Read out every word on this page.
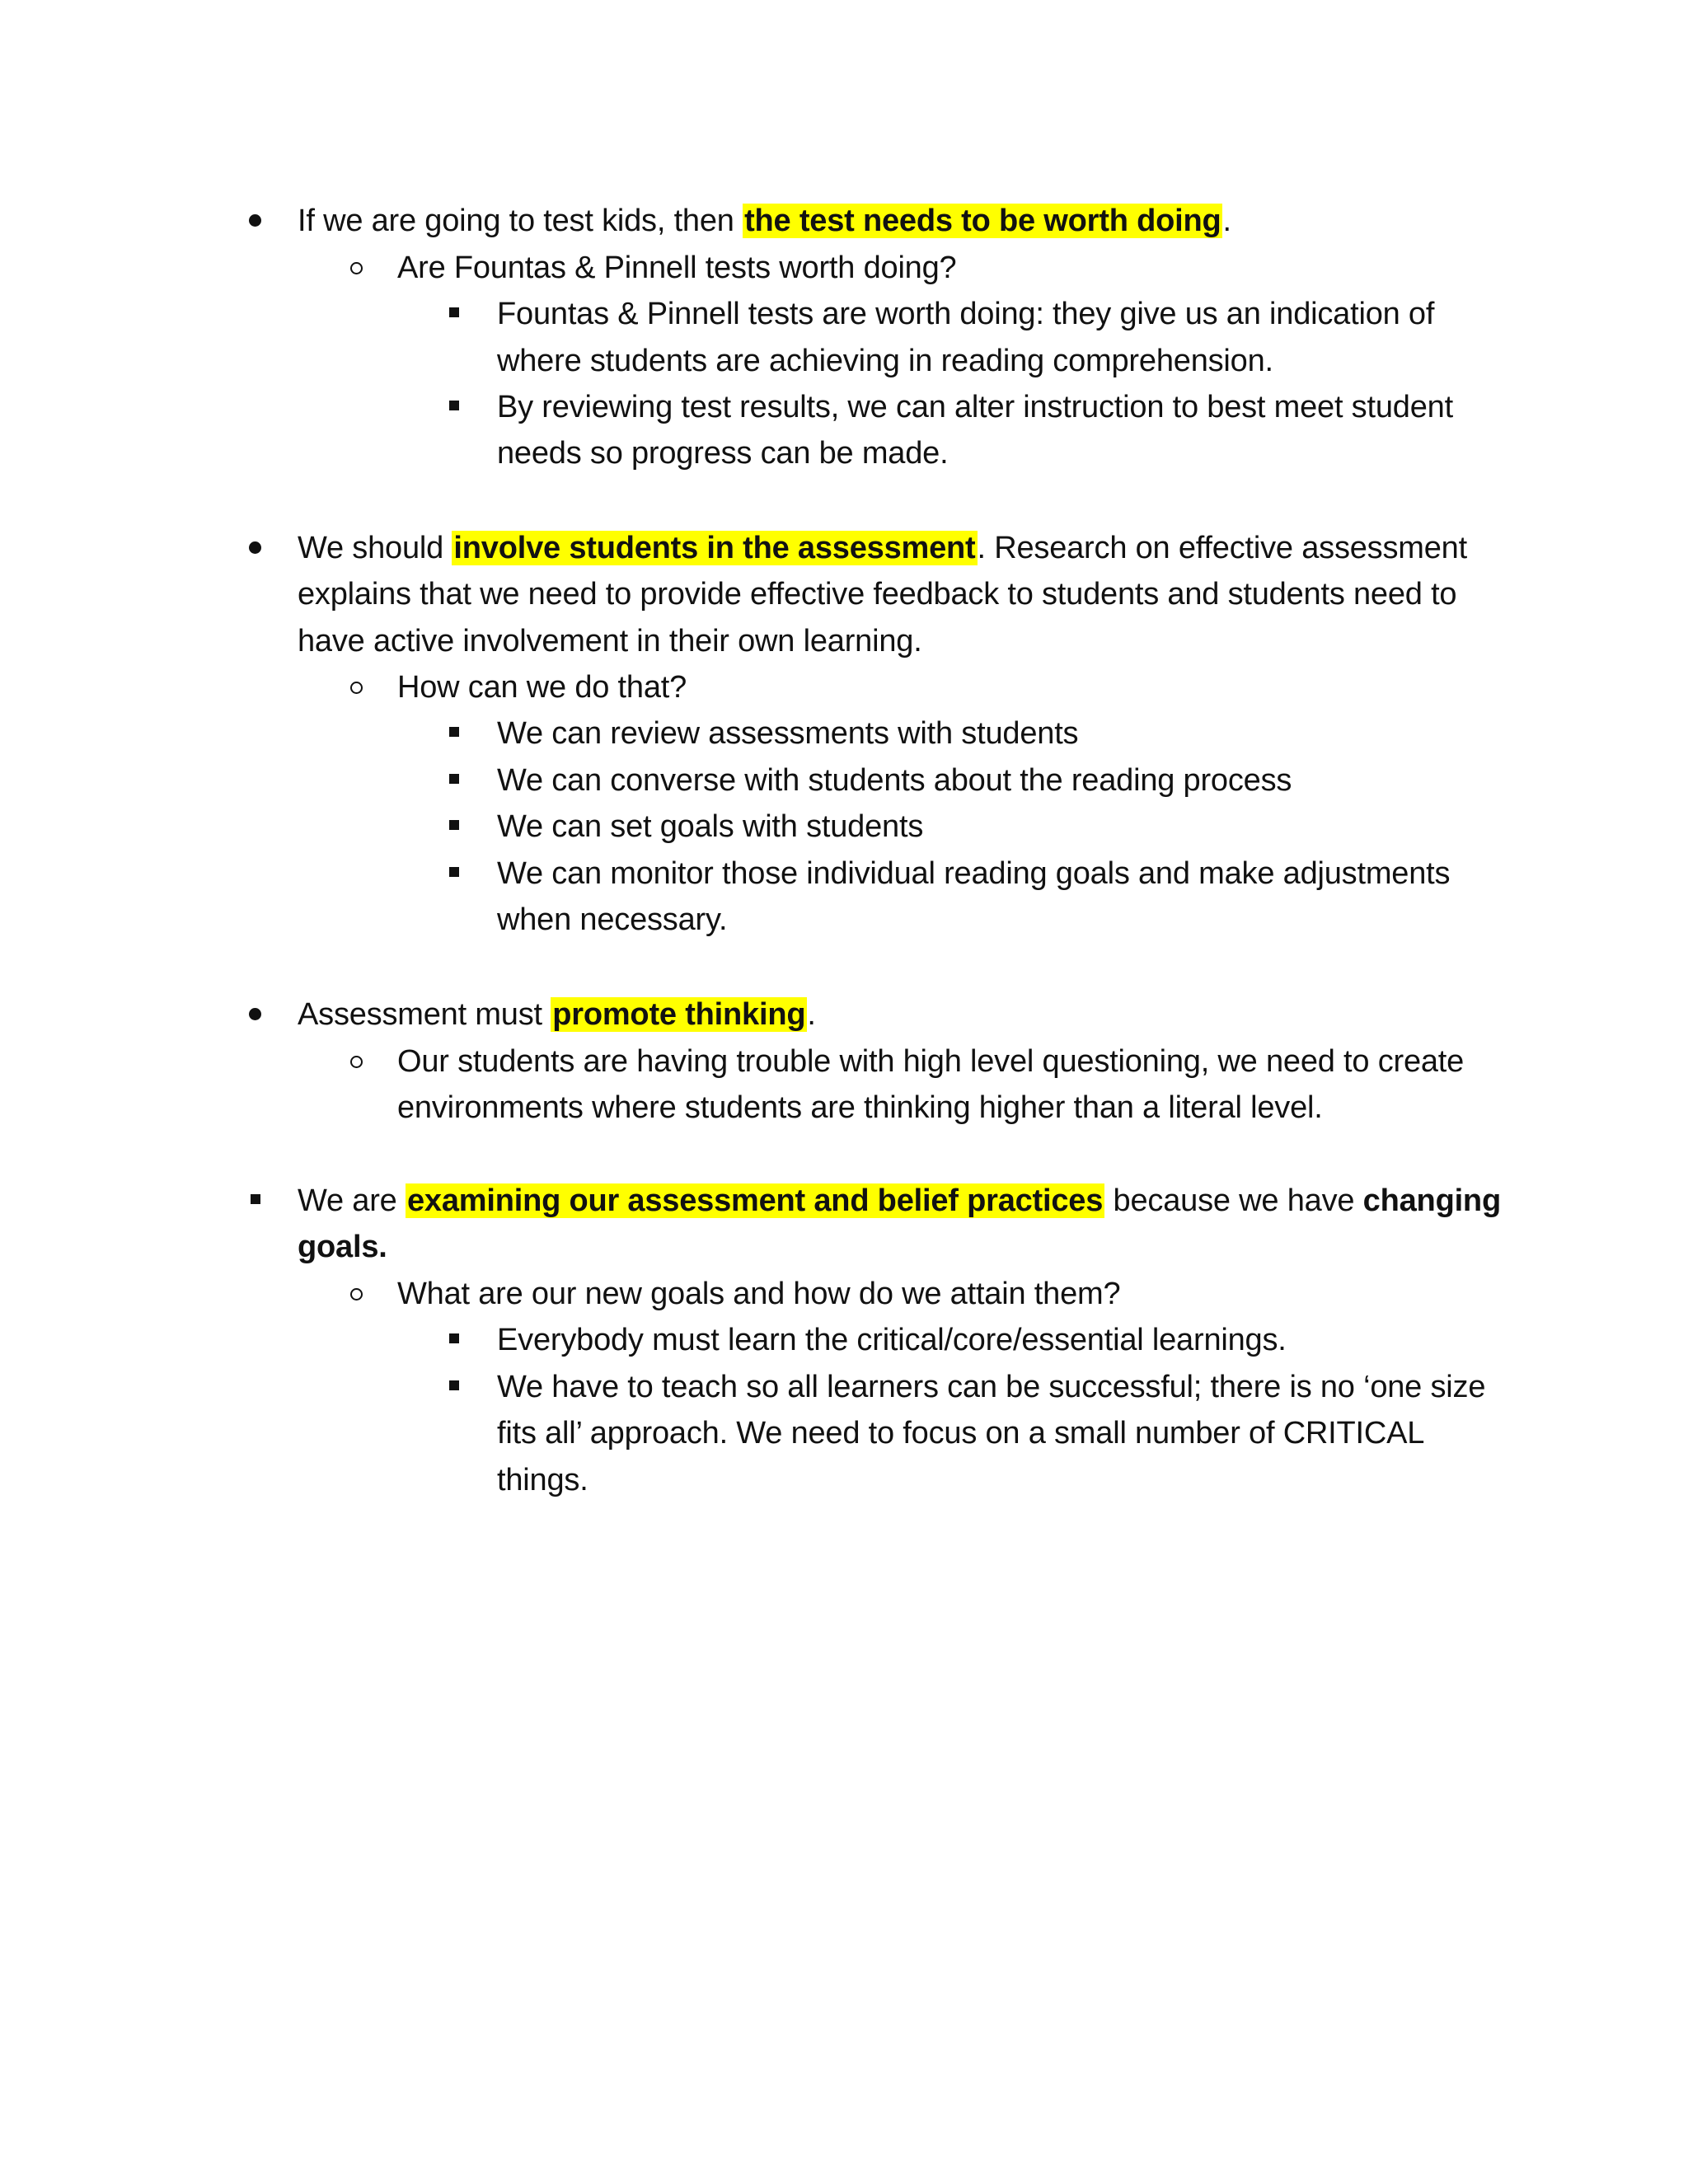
If we are going to test kids, then the test needs to be worth doing.
Are Fountas & Pinnell tests worth doing?
Fountas & Pinnell tests are worth doing: they give us an indication of
where students are achieving in reading comprehension.
By reviewing test results, we can alter instruction to best meet student
needs so progress can be made.
We should involve students in the assessment. Research on effective assessment
explains that we need to provide effective feedback to students and students need to
have active involvement in their own learning.
How can we do that?
We can review assessments with students
We can converse with students about the reading process
We can set goals with students
We can monitor those individual reading goals and make adjustments
when necessary.
Assessment must promote thinking.
Our students are having trouble with high level questioning, we need to create
environments where students are thinking higher than a literal level.
We are examining our assessment and belief practices because we have changing
goals.
What are our new goals and how do we attain them?
Everybody must learn the critical/core/essential learnings.
We have to teach so all learners can be successful; there is no ‘one size
fits all’ approach. We need to focus on a small number of CRITICAL
things.
